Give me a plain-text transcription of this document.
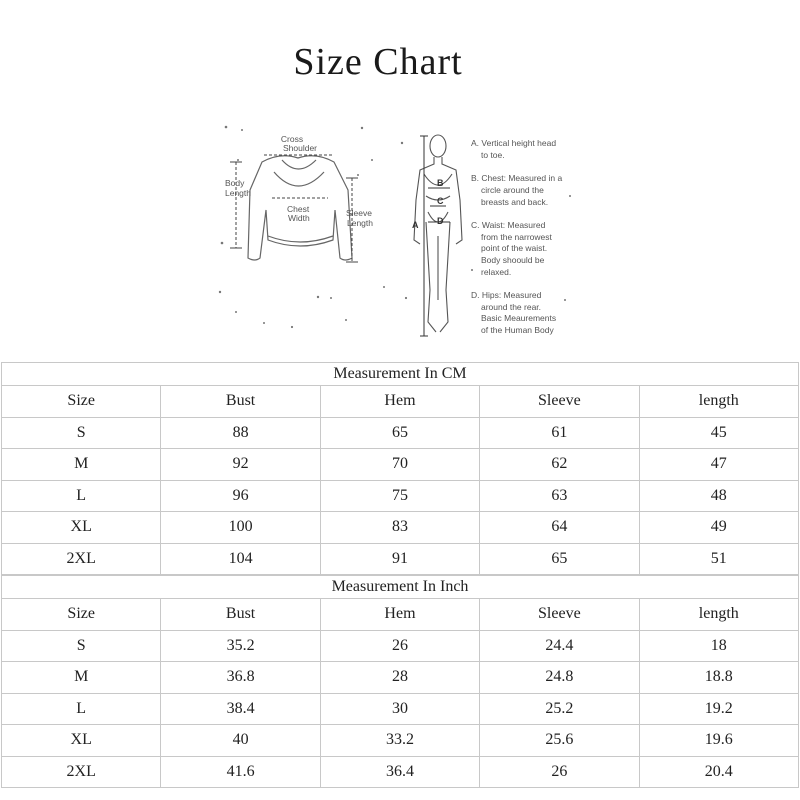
Size Chart
Cross
Shoulder
Body
Length
Chest
Width	Sleeve
Length	A
B
C
D
A. Vertical height head
to toe.
B. Chest: Measured in a
circle around the
breasts and back.
C. Waist: Measured
from the narrowest
point of the waist.
Body shoould be
relaxed.
D. Hips: Measured
around the rear.
Basic Meaurements
of the Human Body
Measurement In CM				
Size	Bust	Hem	Sleeve	length
S	88	65	61	45
M	92	70	62	47
L	96	75	63	48
XL	100	83	64	49
2XL	104	91	65	51
Measurement In Inch				
Size	Bust	Hem	Sleeve	length
S	35.2	26	24.4	18
M	36.8	28	24.8	18.8
L	38.4	30	25.2	19.2
XL	40	33.2	25.6	19.6
2XL	41.6	36.4	26	20.4
